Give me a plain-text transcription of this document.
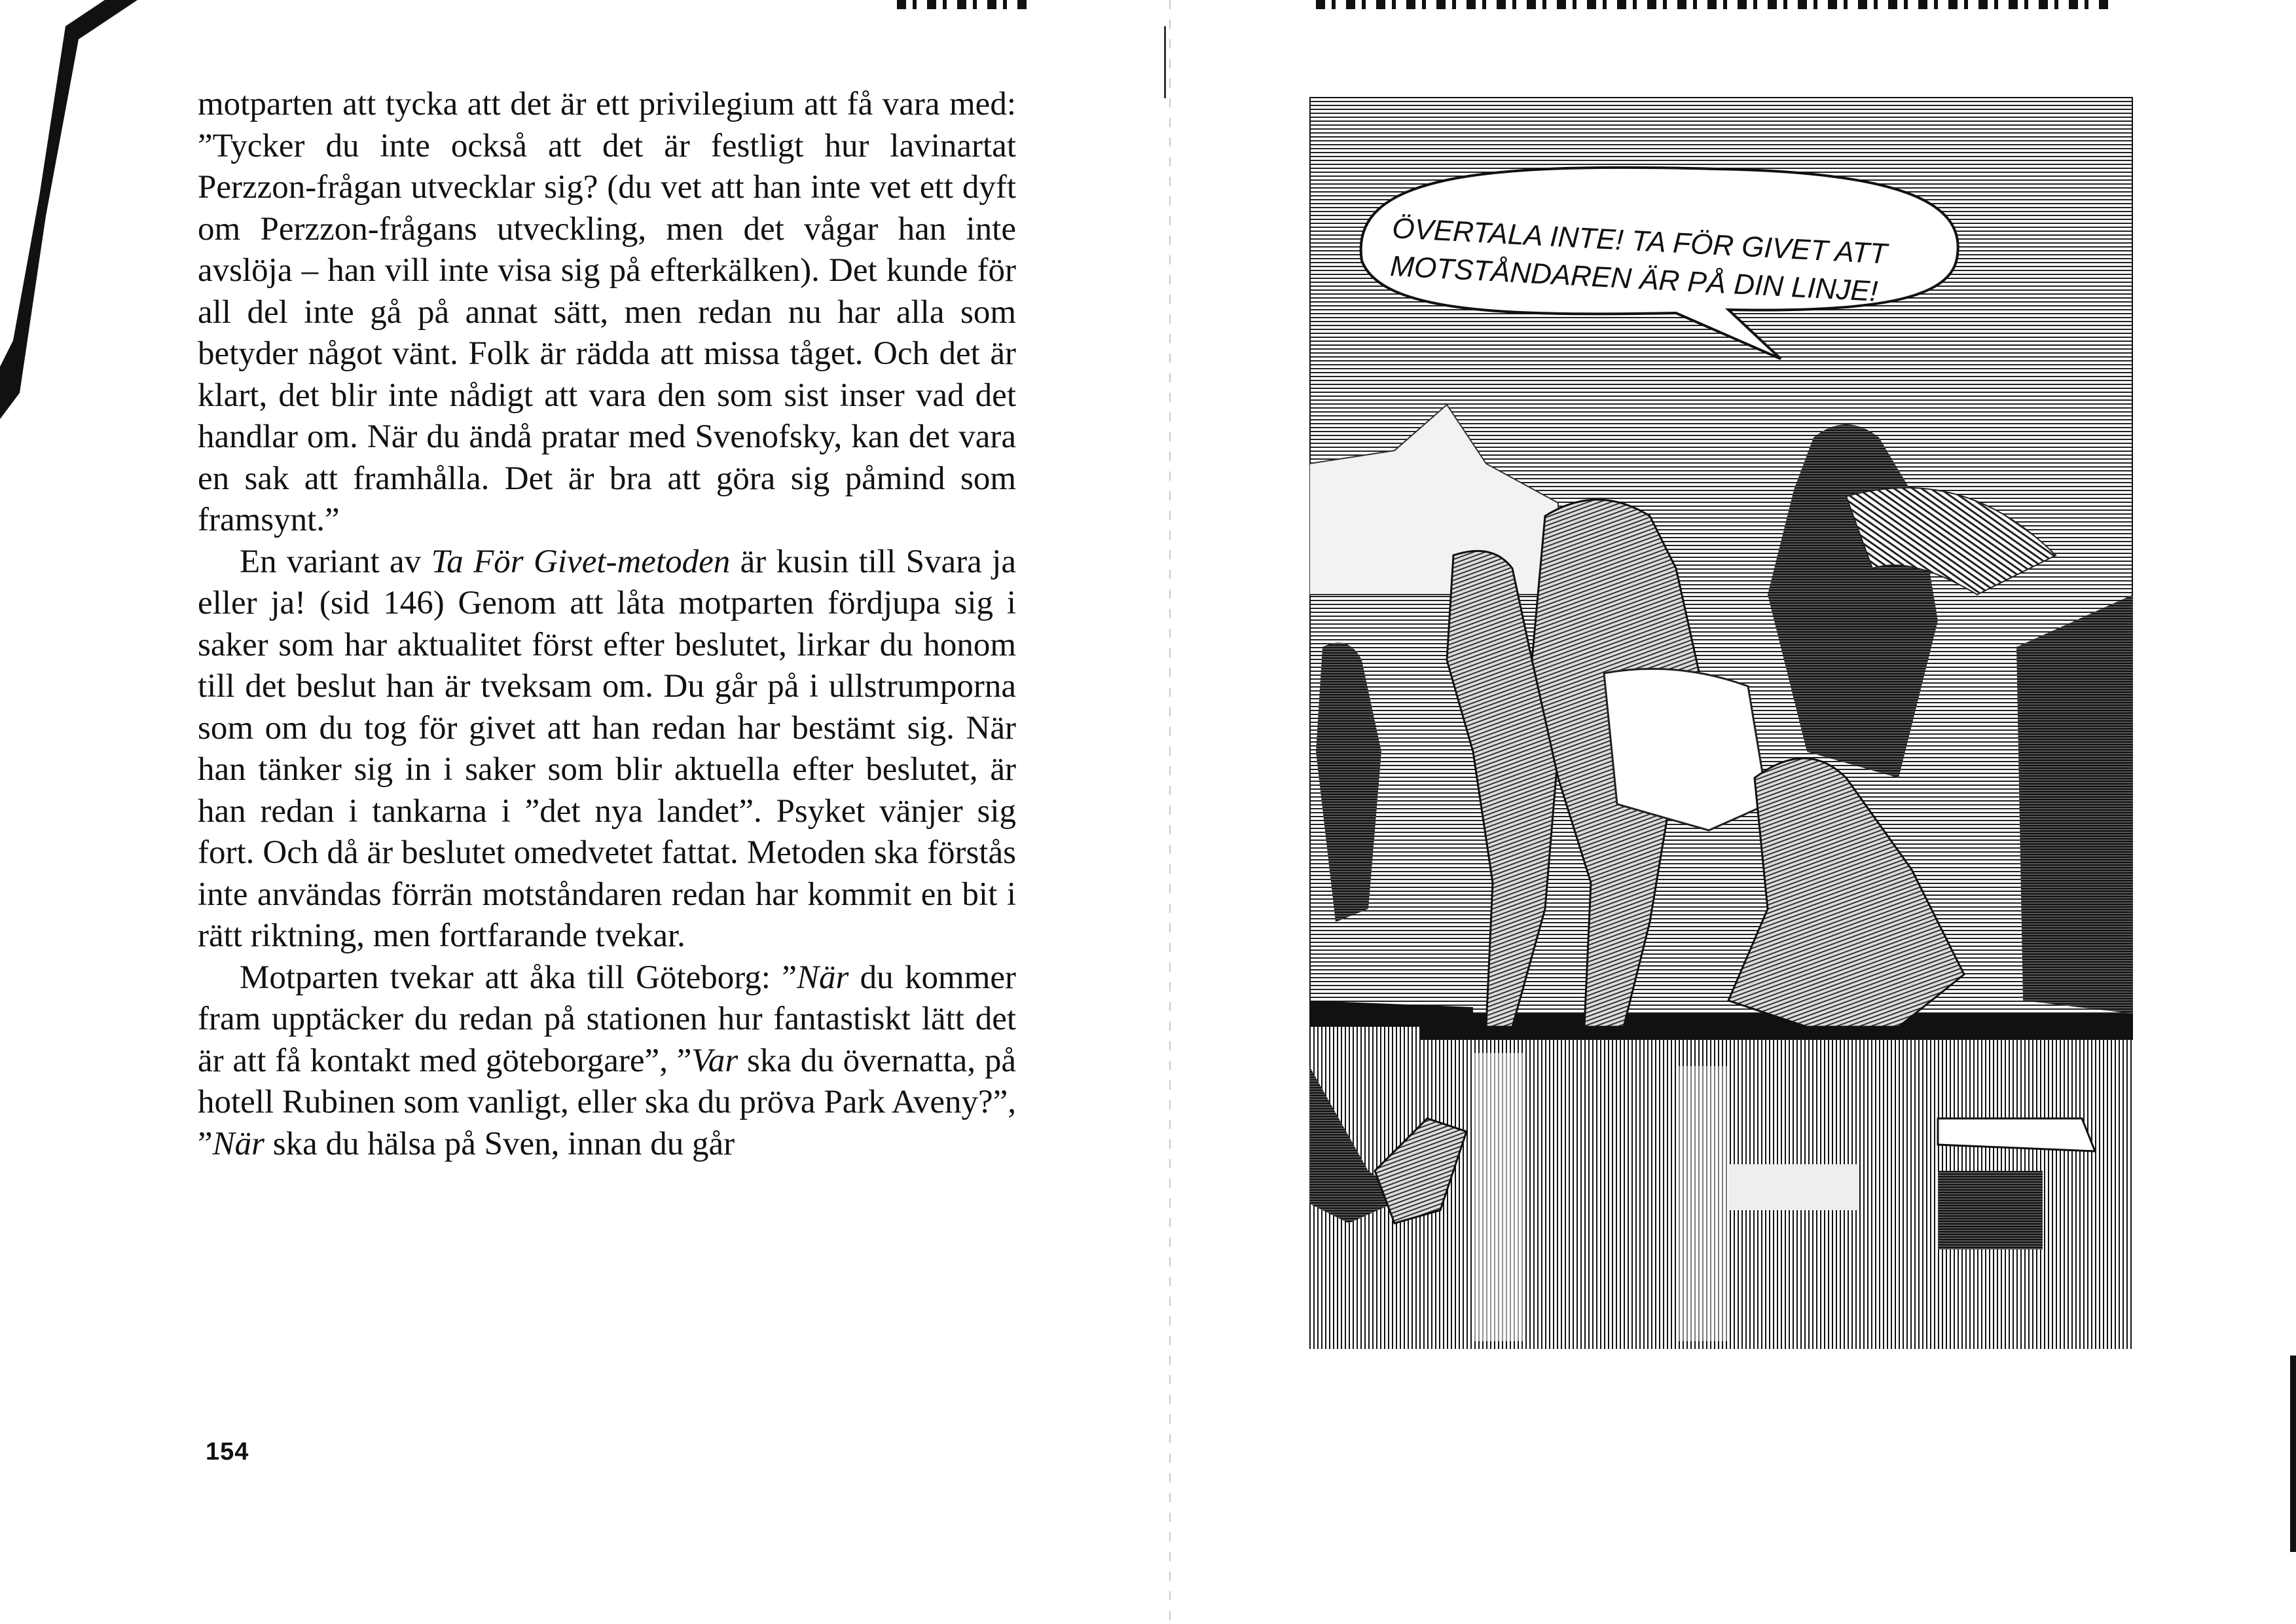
motparten att tycka att det är ett privilegium att få vara med: ”Tycker du inte också att det är festligt hur lavinartat Perzzon-frågan utvecklar sig? (du vet att han inte vet ett dyft om Perzzon-frågans utveckling, men det vågar han inte avslöja – han vill inte visa sig på efterkälken). Det kunde för all del inte gå på annat sätt, men redan nu har alla som betyder något vänt. Folk är rädda att missa tåget. Och det är klart, det blir inte nådigt att vara den som sist inser vad det handlar om. När du ändå pratar med Svenofsky, kan det vara en sak att framhålla. Det är bra att göra sig påmind som framsynt.”

En variant av Ta För Givet-metoden är kusin till Svara ja eller ja! (sid 146) Genom att låta motparten fördjupa sig i saker som har aktualitet först efter beslutet, lirkar du honom till det beslut han är tveksam om. Du går på i ullstrumporna som om du tog för givet att han redan har bestämt sig. När han tänker sig in i saker som blir aktuella efter beslutet, är han redan i tankarna i ”det nya landet”. Psyket vänjer sig fort. Och då är beslutet omedvetet fattat. Metoden ska förstås inte användas förrän motståndaren redan har kommit en bit i rätt riktning, men fortfarande tvekar.

Motparten tvekar att åka till Göteborg: ”När du kommer fram upptäcker du redan på stationen hur fantastiskt lätt det är att få kontakt med göteborgare”, ”Var ska du övernatta, på hotell Rubinen som vanligt, eller ska du pröva Park Aveny?”, ”När ska du hälsa på Sven, innan du går

154
ÖVERTALA INTE! TA FÖR GIVET ATT MOTSTÅNDAREN ÄR PÅ DIN LINJE!
